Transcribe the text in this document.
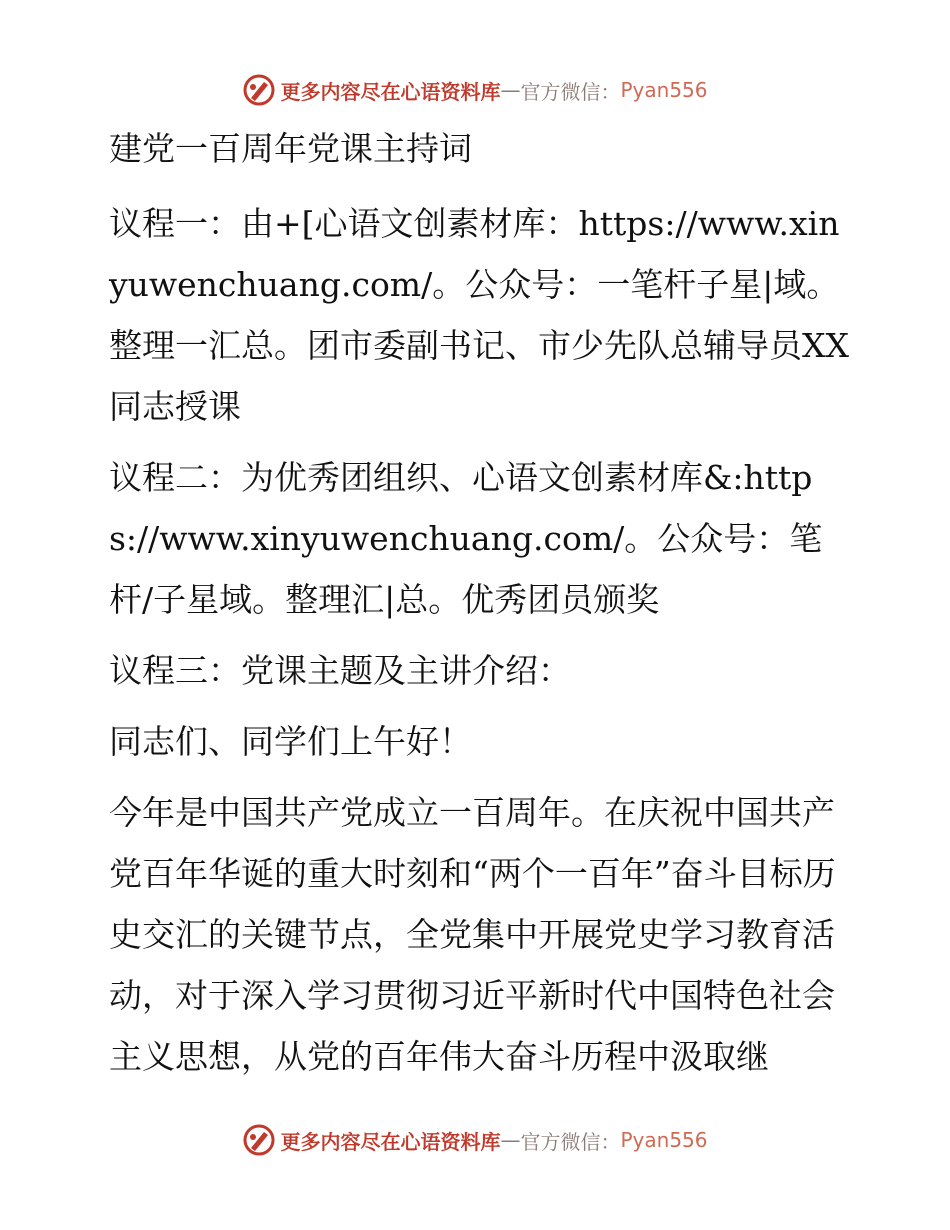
更多内容尽在心语资料库 — 官方微信： Pyan556
建党一百周年党课主持词
议程一：由+[心语文创素材库：https://www.xinyuwenchuang.com/。公众号：一笔杆子星|域。整理一汇总。团市委副书记、市少先队总辅导员XX同志授课
议程二：为优秀团组织、心语文创素材库&:https://www.xinyuwenchuang.com/。公众号：笔杆/子星域。整理汇|总。优秀团员颁奖
议程三：党课主题及主讲介绍：
同志们、同学们上午好！
今年是中国共产党成立一百周年。在庆祝中国共产党百年华诞的重大时刻和“两个一百年”奋斗目标历史交汇的关键节点，全党集中开展党史学习教育活动，对于深入学习贯彻习近平新时代中国特色社会主义思想，从党的百年伟大奋斗历程中汲取继
更多内容尽在心语资料库 — 官方微信： Pyan556
